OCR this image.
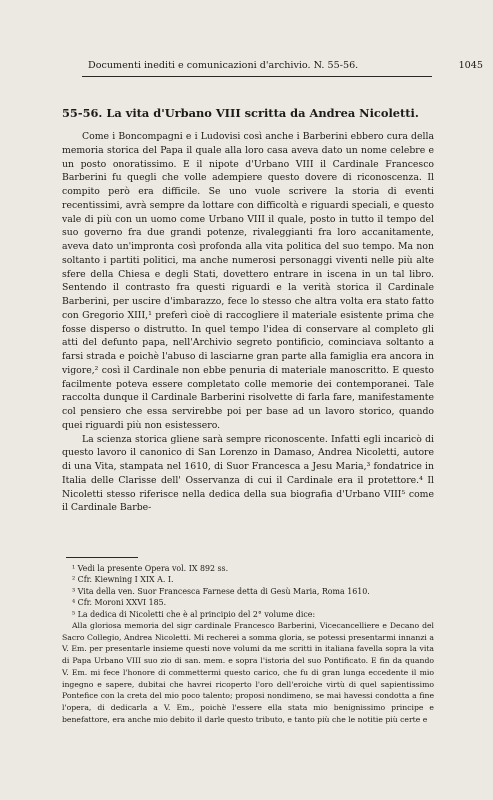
Documenti inediti e comunicazioni d'archivio. N. 55-56.	1045
55-56. La vita d'Urbano VIII scritta da Andrea Nicoletti.

Come i Boncompagni e i Ludovisi così anche i Barberini ebbero cura della memoria storica del Papa il quale alla loro casa aveva dato un nome celebre e un posto onoratissimo. E il nipote d'Urbano VIII il Cardinale Francesco Barberini fu quegli che volle adempiere questo dovere di riconoscenza. Il compito però era difficile. Se uno vuole scrivere la storia di eventi recentissimi, avrà sempre da lottare con difficoltà e riguardi speciali, e questo vale di più con un uomo come Urbano VIII il quale, posto in tutto il tempo del suo governo fra due grandi potenze, rivaleggianti fra loro accanitamente, aveva dato un'impronta così profonda alla vita politica del suo tempo. Ma non soltanto i partiti politici, ma anche numerosi personaggi viventi nelle più alte sfere della Chiesa e degli Stati, dovettero entrare in iscena in un tal libro. Sentendo il contrasto fra questi riguardi e la verità storica il Cardinale Barberini, per uscire d'imbarazzo, fece lo stesso che altra volta era stato fatto con Gregorio XIII,¹ preferì cioè di raccogliere il materiale esistente prima che fosse disperso o distrutto. In quel tempo l'idea di conservare al completo gli atti del defunto papa, nell'Archivio segreto pontificio, cominciava soltanto a farsi strada e poichè l'abuso di lasciarne gran parte alla famiglia era ancora in vigore,² così il Cardinale non ebbe penuria di materiale manoscritto. E questo facilmente poteva essere completato colle memorie dei contemporanei. Tale raccolta dunque il Cardinale Barberini risolvette di farla fare, manifestamente col pensiero che essa servirebbe poi per base ad un lavoro storico, quando quei riguardi più non esistessero.

La scienza storica gliene sarà sempre riconoscente. Infatti egli incaricò di questo lavoro il canonico di San Lorenzo in Damaso, Andrea Nicoletti, autore di una Vita, stampata nel 1610, di Suor Francesca a Jesu Maria,³ fondatrice in Italia delle Clarisse dell' Osservanza di cui il Cardinale era il protettore.⁴ Il Nicoletti stesso riferisce nella dedica della sua biografia d'Urbano VIII⁵ come il Cardinale Barbe-

¹ Vedi la presente Opera vol. IX 892 ss.

² Cfr. Kiewning I XIX A. I.

³ Vita della ven. Suor Francesca Farnese detta di Gesù Maria, Roma 1610.

⁴ Cfr. Moroni XXVI 185.

⁵ La dedica di Nicoletti che è al principio del 2° volume dice:

Alla gloriosa memoria del sigr cardinale Francesco Barberini, Vicecancelliere e Decano del Sacro Collegio, Andrea Nicoletti. Mi recherei a somma gloria, se potessi presentarmi innanzi a V. Em. per presentarle insieme questi nove volumi da me scritti in italiana favella sopra la vita di Papa Urbano VIII suo zio di san. mem. e sopra l'istoria del suo Pontificato. E fin da quando V. Em. mi fece l'honore di commettermi questo carico, che fu di gran lunga eccedente il mio ingegno e sapere, dubitai che havrei ricoperto l'oro dell'eroiche virtù di quel sapientissimo Pontefice con la creta del mio poco talento; proposi nondimeno, se mai havessi condotta a fine l'opera, di dedicarla a V. Em., poichè l'essere ella stata mio benignissimo principe e benefattore, era anche mio debito il darle questo tributo, e tanto più che le notitie più certe e
